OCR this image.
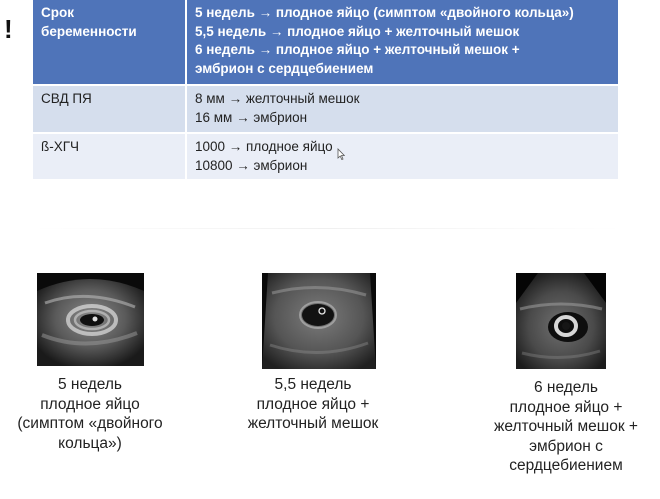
!
Срок
беременности	5 недель → плодное яйцо (симптом «двойного кольца»)
5,5 недель → плодное яйцо + желточный мешок
6 недель → плодное яйцо + желточный мешок +
эмбрион с сердцебиением

СВД ПЯ	8 мм → желточный мешок
16 мм → эмбрион

ß-ХГЧ	1000 → плодное яйцо
10800 → эмбрион
5 недель
плодное яйцо
(симптом «двойного
кольца»)
5,5 недель
плодное яйцо +
желточный мешок
6 недель
плодное яйцо +
желточный мешок +
эмбрион с
сердцебиением
